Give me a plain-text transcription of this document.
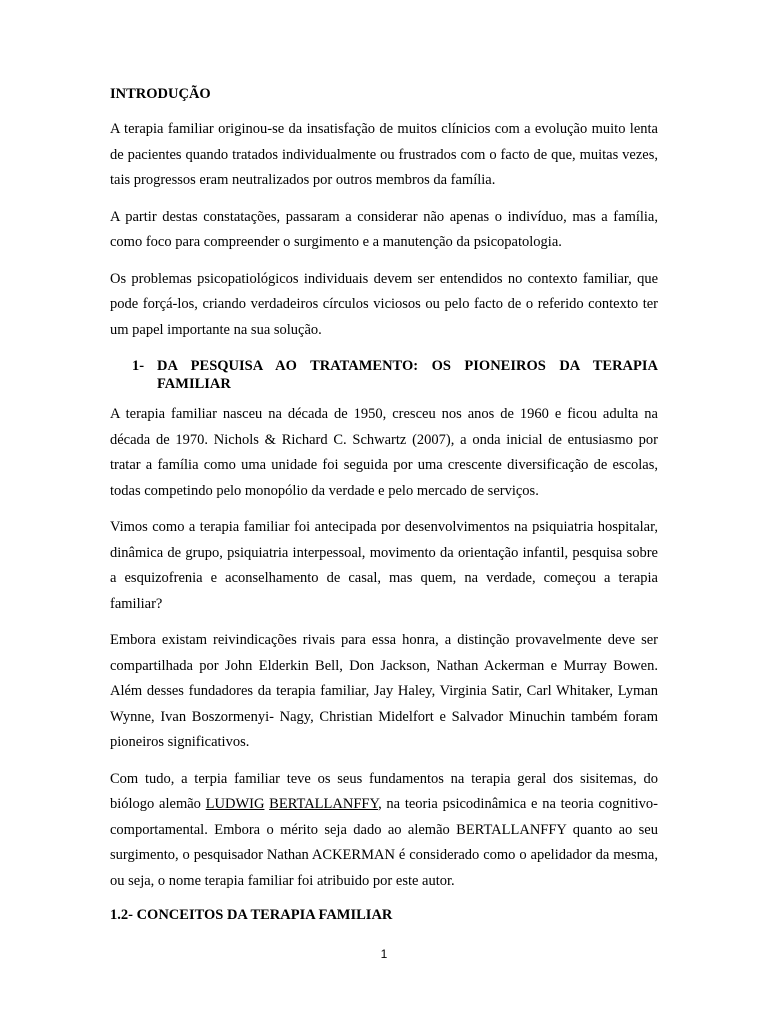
INTRODUÇÃO

A terapia familiar originou-se da insatisfação de muitos clínicios com a evolução muito lenta de pacientes quando tratados individualmente ou frustrados com o facto de que, muitas vezes, tais progressos eram neutralizados por outros membros da família.

A partir destas constatações, passaram a considerar não apenas o indivíduo, mas a família, como foco para compreender o surgimento e a manutenção da psicopatologia.

Os problemas psicopatiológicos individuais devem ser entendidos no contexto familiar, que pode forçá-los, criando verdadeiros círculos viciosos ou pelo facto de o referido contexto ter um papel importante na sua solução.

1- DA PESQUISA AO TRATAMENTO: OS PIONEIROS DA TERAPIA
FAMILIAR

A terapia familiar nasceu na década de 1950, cresceu nos anos de 1960 e ficou adulta na década de 1970. Nichols & Richard C. Schwartz (2007), a onda inicial de entusiasmo por tratar a família como uma unidade foi seguida por uma crescente diversificação de escolas, todas competindo pelo monopólio da verdade e pelo mercado de serviços.

Vimos como a terapia familiar foi antecipada por desenvolvimentos na psiquiatria hospitalar, dinâmica de grupo, psiquiatria interpessoal, movimento da orientação infantil, pesquisa sobre a esquizofrenia e aconselhamento de casal, mas quem, na verdade, começou a terapia familiar?

Embora existam reivindicações rivais para essa honra, a distinção provavelmente deve ser compartilhada por John Elderkin Bell, Don Jackson, Nathan Ackerman e Murray Bowen. Além desses fundadores da terapia familiar, Jay Haley, Virginia Satir, Carl Whitaker, Lyman Wynne, Ivan Boszormenyi- Nagy, Christian Midelfort e Salvador Minuchin também foram pioneiros significativos.

Com tudo, a terpia familiar teve os seus fundamentos na terapia geral dos sisitemas, do biólogo alemão LUDWIG BERTALLANFFY, na teoria psicodinâmica e na teoria cognitivo-comportamental. Embora o mérito seja dado ao alemão BERTALLANFFY quanto ao seu surgimento, o pesquisador Nathan ACKERMAN é considerado como o apelidador da mesma, ou seja, o nome terapia familiar foi atribuido por este autor.

1.2- CONCEITOS DA TERAPIA FAMILIAR
1
